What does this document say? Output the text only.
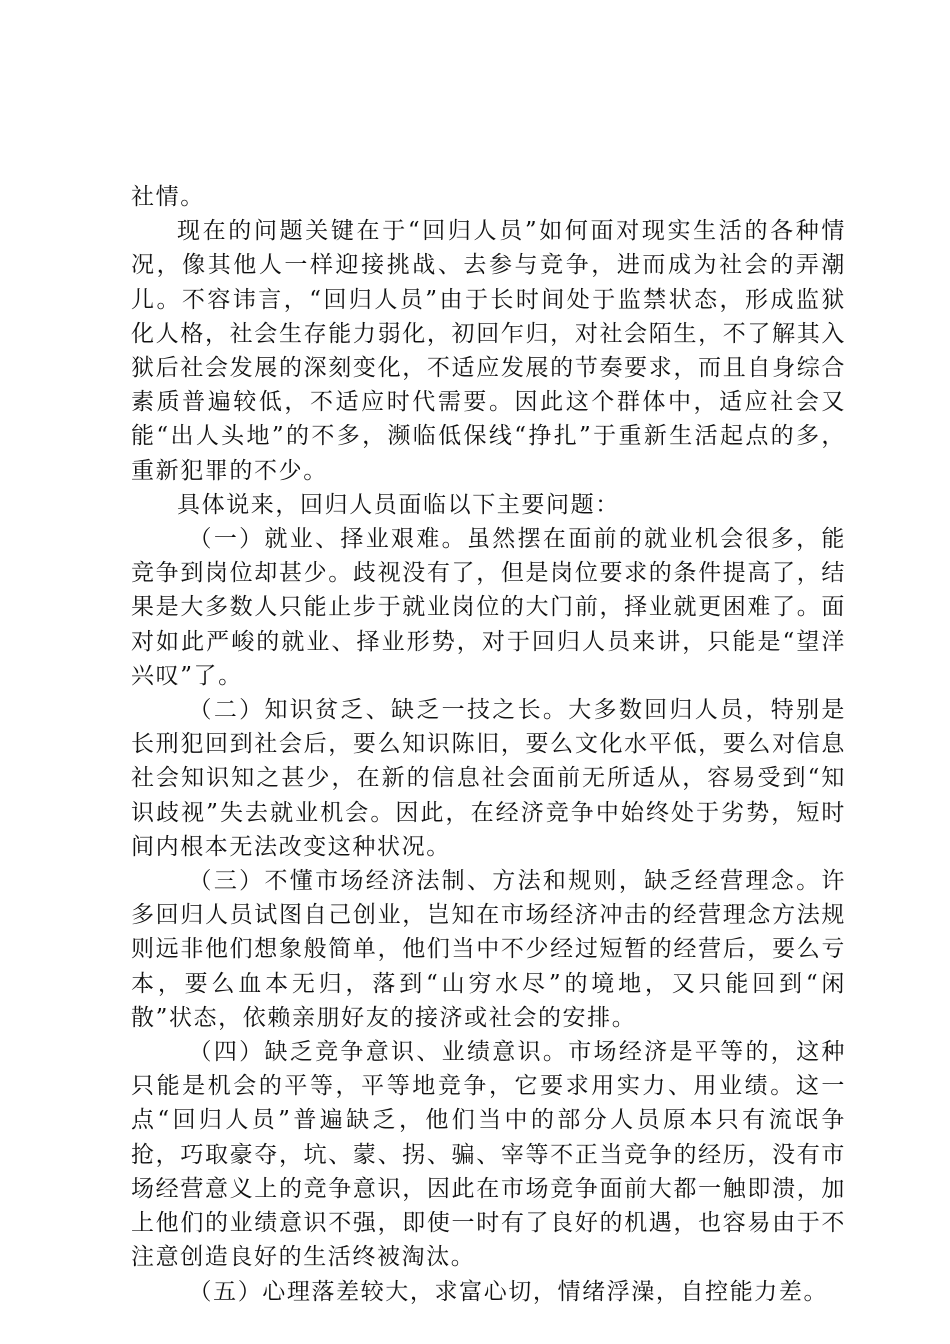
社情。

现在的问题关键在于“回归人员”如何面对现实生活的各种情况，像其他人一样迎接挑战、去参与竞争，进而成为社会的弄潮儿。不容讳言，“回归人员”由于长时间处于监禁状态，形成监狱化人格，社会生存能力弱化，初回乍归，对社会陌生，不了解其入狱后社会发展的深刻变化，不适应发展的节奏要求，而且自身综合素质普遍较低，不适应时代需要。因此这个群体中，适应社会又能“出人头地”的不多，濒临低保线“挣扎”于重新生活起点的多，重新犯罪的不少。

具体说来，回归人员面临以下主要问题：

（一）就业、择业艰难。虽然摆在面前的就业机会很多，能竞争到岗位却甚少。歧视没有了，但是岗位要求的条件提高了，结果是大多数人只能止步于就业岗位的大门前，择业就更困难了。面对如此严峻的就业、择业形势，对于回归人员来讲，只能是“望洋兴叹”了。

（二）知识贫乏、缺乏一技之长。大多数回归人员，特别是长刑犯回到社会后，要么知识陈旧，要么文化水平低，要么对信息社会知识知之甚少，在新的信息社会面前无所适从，容易受到“知识歧视”失去就业机会。因此，在经济竞争中始终处于劣势，短时间内根本无法改变这种状况。

（三）不懂市场经济法制、方法和规则，缺乏经营理念。许多回归人员试图自己创业，岂知在市场经济冲击的经营理念方法规则远非他们想象般简单，他们当中不少经过短暂的经营后，要么亏本，要么血本无归，落到“山穷水尽”的境地，又只能回到“闲散”状态，依赖亲朋好友的接济或社会的安排。

（四）缺乏竞争意识、业绩意识。市场经济是平等的，这种只能是机会的平等，平等地竞争，它要求用实力、用业绩。这一点“回归人员”普遍缺乏，他们当中的部分人员原本只有流氓争抢，巧取豪夺，坑、蒙、拐、骗、宰等不正当竞争的经历，没有市场经营意义上的竞争意识，因此在市场竞争面前大都一触即溃，加上他们的业绩意识不强，即使一时有了良好的机遇，也容易由于不注意创造良好的生活终被淘汰。

（五）心理落差较大，求富心切，情绪浮澡，自控能力差。
